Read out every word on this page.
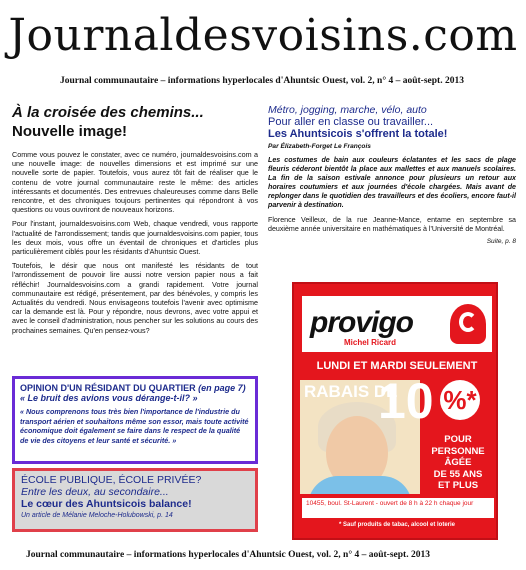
Journaldesvoisins.com
Journal communautaire – informations hyperlocales d'Ahuntsic Ouest, vol. 2, n° 4 – août-sept. 2013
À la croisée des chemins...
Nouvelle image!

Comme vous pouvez le constater, avec ce numéro, journaldesvoisins.com a une nouvelle image: de nouvelles dimensions et est imprimé sur une nouvelle sorte de papier. Toutefois, vous aurez tôt fait de réaliser que le contenu de votre journal communautaire reste le même: des articles intéressants et documentés. Des entrevues chaleureuses comme dans Belle rencontre, et des chroniques toujours pertinentes qui répondront à vos questions ou vous ouvriront de nouveaux horizons.

Pour l'instant, journaldesvoisins.com Web, chaque vendredi, vous rapporte l'actualité de l'arrondissement; tandis que journaldesvoisins.com papier, tous les deux mois, vous offre un éventail de chroniques et d'articles plus particulièrement ciblés pour les résidants d'Ahuntsic Ouest.

Toutefois, le désir que nous ont manifesté les résidants de tout l'arrondissement de pouvoir lire aussi notre version papier nous a fait réfléchir! Journaldesvoisins.com a grandi rapidement. Votre journal communautaire est rédigé, présentement, par des bénévoles, y compris les Actualités du vendredi. Nous envisageons toutefois l'avenir avec optimisme car la demande est là. Pour y répondre, nous devrons, avec votre appui et avec le conseil d'administration, nous pencher sur les solutions au cours des prochaines semaines. Qu'en pensez-vous?

OPINION D'UN RÉSIDANT DU QUARTIER (en page 7)
« Le bruit des avions vous dérange-t-il? »
« Nous comprenons tous très bien l'importance de l'industrie du transport aérien et souhaitons même son essor, mais toute activité économique doit également se faire dans le respect de la qualité de vie des citoyens et leur santé et sécurité. »
ÉCOLE PUBLIQUE, ÉCOLE PRIVÉE?
Entre les deux, au secondaire...
Le cœur des Ahuntsicois balance!
Un article de Mélanie Meloche-Holubowski, p. 14
Métro, jogging, marche, vélo, auto
Pour aller en classe ou travailler...
Les Ahuntsicois s'offrent la totale!
Par Élizabeth-Forget Le François

Les costumes de bain aux couleurs éclatantes et les sacs de plage fleuris céderont bientôt la place aux mallettes et aux manuels scolaires. La fin de la saison estivale annonce pour plusieurs un retour aux horaires coutumiers et aux journées d'école chargées. Mais avant de replonger dans le quotidien des travailleurs et des écoliers, encore faut-il parvenir à destination.

Florence Veilleux, de la rue Jeanne-Mance, entame en septembre sa deuxième année universitaire en mathématiques à l'Université de Montréal.

Suite, p. 8
provigo
Michel Ricard
LUNDI ET MARDI SEULEMENT
RABAIS DE
10 %*
POUR
PERSONNE ÂGÉE
DE 55 ANS
ET PLUS
10455, boul. St-Laurent - ouvert de 8 h à 22 h chaque jour
* Sauf produits de tabac, alcool et loterie
Journal communautaire – informations hyperlocales d'Ahuntsic Ouest, vol. 2, n° 4 – août-sept. 2013
